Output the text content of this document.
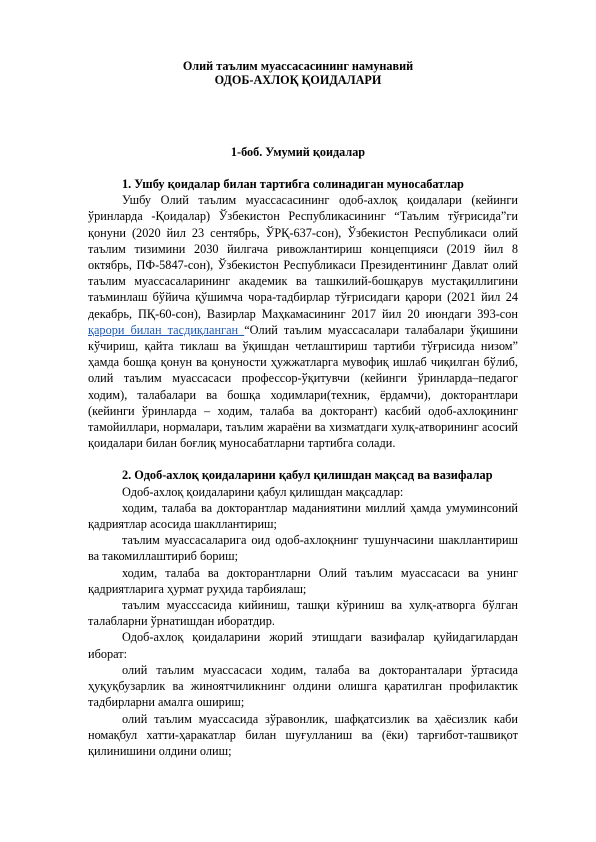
Олий таълим муассасасининг намунавий
ОДОБ-АХЛОҚ ҚОИДАЛАРИ
1-боб. Умумий қоидалар

1. Ушбу қоидалар билан тартибга солинадиган муносабатлар

Ушбу Олий таълим муассасасининг одоб-ахлоқ қоидалари (кейинги ўринларда -Қоидалар) Ўзбекистон Республикасининг “Таълим тўғрисида”ги қонуни (2020 йил 23 сентябрь, ЎРҚ-637-сон), Ўзбекистон Республикаси олий таълим тизимини 2030 йилгача ривожлантириш концепцияси (2019 йил 8 октябрь, ПФ-5847-сон), Ўзбекистон Республикаси Президентининг Давлат олий таълим муассасаларининг академик ва ташкилий-бошқарув мустақиллигини таъминлаш бўйича қўшимча чора-тадбирлар тўғрисидаги қарори (2021 йил 24 декабрь, ПҚ-60-сон), Вазирлар Маҳкамасининг 2017 йил 20 июндаги 393-сон қарори билан тасдиқланган “Олий таълим муассасалари талабалари ўқишини кўчириш, қайта тиклаш ва ўқишдан четлаштириш тартиби тўғрисида низом” ҳамда бошқа қонун ва қонуности ҳужжатларга мувофиқ ишлаб чиқилган бўлиб, олий таълим муассасаси профессор-ўқитувчи (кейинги ўринларда–педагог ходим), талабалари ва бошқа ходимлари(техник, ёрдамчи), докторантлари (кейинги ўринларда – ходим, талаба ва докторант) касбий одоб-ахлоқининг тамойиллари, нормалари, таълим жараёни ва хизматдаги хулқ-атворининг асосий қоидалари билан боғлиқ муносабатларни тартибга солади.

2. Одоб-ахлоқ қоидаларини қабул қилишдан мақсад ва вазифалар

Одоб-ахлоқ қоидаларини қабул қилишдан мақсадлар:

ходим, талаба ва докторантлар маданиятини миллий ҳамда умуминсоний қадриятлар асосида шакллантириш;

таълим муассасаларига оид одоб-ахлоқнинг тушунчасини шакллантириш ва такомиллаштириб бориш;

ходим, талаба ва докторантларни Олий таълим муассасаси ва унинг қадриятларига ҳурмат руҳида тарбиялаш;

таълим муасссасида кийиниш, ташқи кўриниш ва хулқ-атворга бўлган талабларни ўрнатишдан иборатдир.

Одоб-ахлоқ қоидаларини жорий этишдаги вазифалар қуйидагилардан иборат:

олий таълим муассасаси ходим, талаба ва докторанталари ўртасида ҳуқуқбузарлик ва жиноятчиликнинг олдини олишга қаратилган профилактик тадбирларни амалга ошириш;

олий таълим муассасида зўравонлик, шафқатсизлик ва ҳаёсизлик каби номақбул хатти-ҳаракатлар билан шуғулланиш ва (ёки) тарғибот-ташвиқот қилинишини олдини олиш;
